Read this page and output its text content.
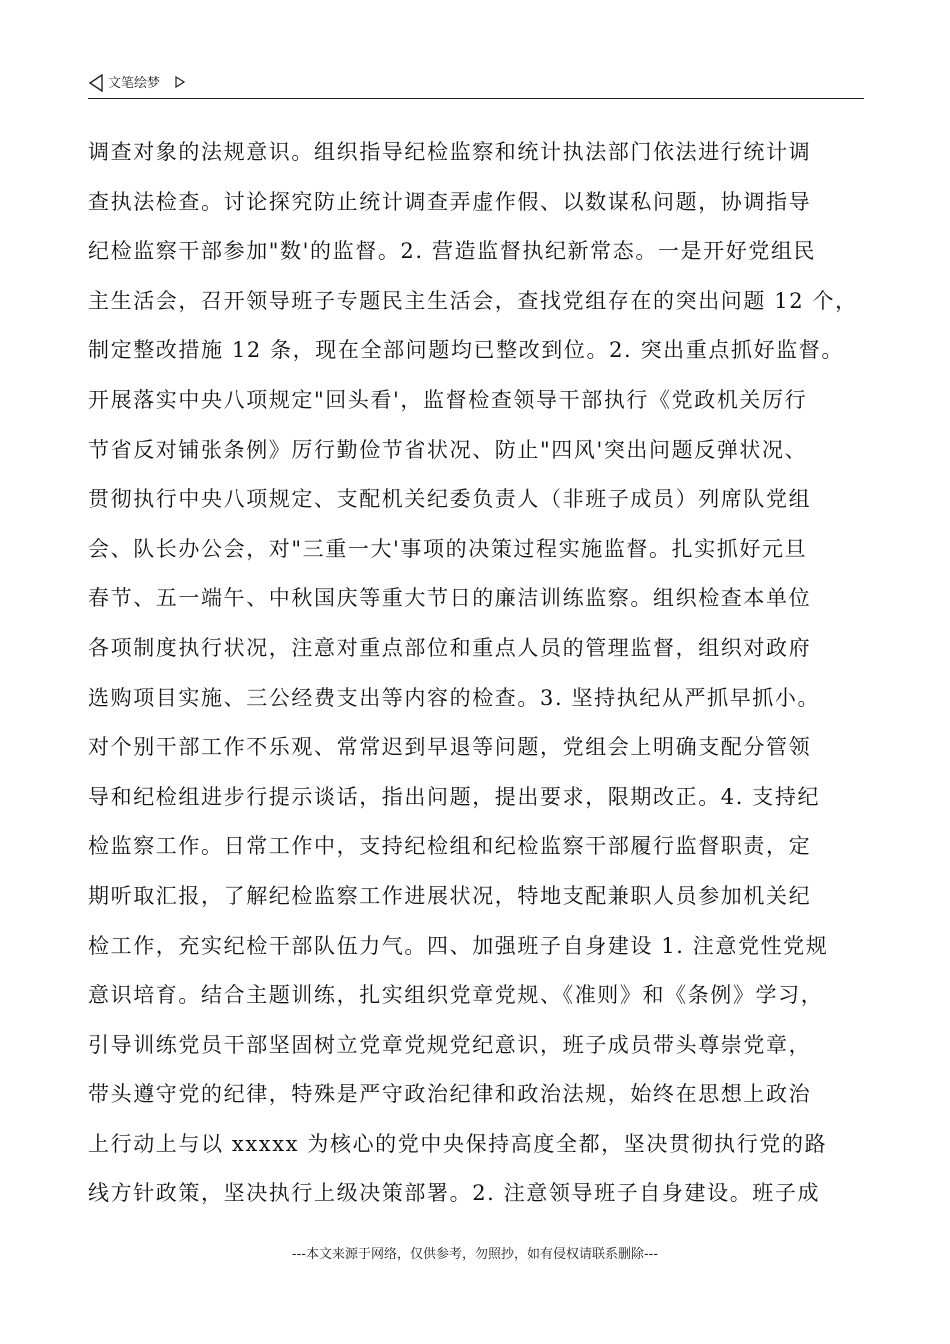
文笔绘梦
调查对象的法规意识。组织指导纪检监察和统计执法部门依法进行统计调
查执法检查。讨论探究防止统计调查弄虚作假、以数谋私问题，协调指导
纪检监察干部参加"数'的监督。2. 营造监督执纪新常态。一是开好党组民
主生活会，召开领导班子专题民主生活会，查找党组存在的突出问题 12 个，
制定整改措施 12 条，现在全部问题均已整改到位。2. 突出重点抓好监督。
开展落实中央八项规定"回头看'，监督检查领导干部执行《党政机关厉行
节省反对铺张条例》厉行勤俭节省状况、防止"四风'突出问题反弹状况、
贯彻执行中央八项规定、支配机关纪委负责人（非班子成员）列席队党组
会、队长办公会，对"三重一大'事项的决策过程实施监督。扎实抓好元旦
春节、五一端午、中秋国庆等重大节日的廉洁训练监察。组织检查本单位
各项制度执行状况，注意对重点部位和重点人员的管理监督，组织对政府
选购项目实施、三公经费支出等内容的检查。3. 坚持执纪从严抓早抓小。
对个别干部工作不乐观、常常迟到早退等问题，党组会上明确支配分管领
导和纪检组进步行提示谈话，指出问题，提出要求，限期改正。4. 支持纪
检监察工作。日常工作中，支持纪检组和纪检监察干部履行监督职责，定
期听取汇报，了解纪检监察工作进展状况，特地支配兼职人员参加机关纪
检工作，充实纪检干部队伍力气。四、加强班子自身建设 1. 注意党性党规
意识培育。结合主题训练，扎实组织党章党规、《准则》和《条例》学习，
引导训练党员干部坚固树立党章党规党纪意识，班子成员带头尊崇党章，
带头遵守党的纪律，特殊是严守政治纪律和政治法规，始终在思想上政治
上行动上与以 xxxxx 为核心的党中央保持高度全都，坚决贯彻执行党的路
线方针政策，坚决执行上级决策部署。2. 注意领导班子自身建设。班子成
---本文来源于网络，仅供参考，勿照抄，如有侵权请联系删除---
